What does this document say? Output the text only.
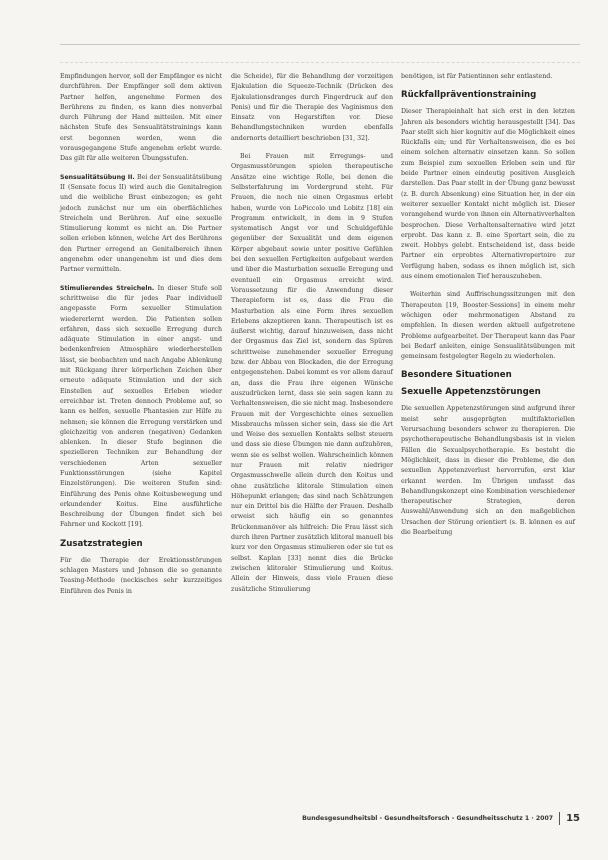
Empfindungen hervor, soll der Empfänger es nicht durchführen. Der Empfänger soll dem aktiven Partner helfen, angenehme Formen des Berührens zu finden, es kann dies nonverbal durch Führung der Hand mitteilen. Mit einer nächsten Stufe des Sensualitätstrainings kann erst begonnen werden, wenn die vorausgegangene Stufe angenehm erlebt wurde. Das gilt für alle weiteren Übungsstufen.

Sensualitätsübung II. Bei der Sensualitätsübung II (Sensate focus II) wird auch die Genitalregion und die weibliche Brust einbezogen; es geht jedoch zunächst nur um ein oberflächliches Streicheln und Berühren. Auf eine sexuelle Stimulierung kommt es nicht an. Die Partner sollen erleben können, welche Art des Berührens den Partner erregend an Genitalbereich ihnen angenehm oder unangenehm ist und dies dem Partner vermitteln.

Stimulierendes Streicheln. In dieser Stufe soll schrittweise die für jedes Paar individuell angepasste Form sexueller Stimulation wiedererlernt werden. Die Patienten sollen erfahren, dass sich sexuelle Erregung durch adäquate Stimulation in einer angst- und bedenkenfreien Atmosphäre wiederherstellen lässt, sie beobachten und nach Angabe Ablenkung mit Rückgang ihrer körperlichen Zeichen über erneute adäquate Stimulation und der sich Einstellen auf sexuelles Erleben wieder erreichbar ist. Treten dennoch Probleme auf, so kann es helfen, sexuelle Phantasien zur Hilfe zu nehmen; sie können die Erregung verstärken und gleichzeitig von anderen (negativen) Gedanken ablenken. In dieser Stufe beginnen die spezielleren Techniken zur Behandlung der verschiedenen Arten sexueller Funktionsstörungen (siehe Kapitel Einzelstörungen). Die weiteren Stufen sind: Einführung des Penis ohne Koitusbewegung und erkundender Koitus. Eine ausführliche Beschreibung der Übungen findet sich bei Fahrner und Kockott [19].

Zusatzstrategien

Für die Therapie der Erektionsstörungen schlagen Masters und Johnson die so genannte Teasing-Methode (neckisches sehr kurzzeitiges Einführen des Penis in

die Scheide), für die Behandlung der vorzeitigen Ejakulation die Squeeze-Technik (Drücken des Ejakulationsdranges durch Fingerdruck auf den Penis) und für die Therapie des Vaginismus den Einsatz von Hegarstiften vor. Diese Behandlungstechniken wurden ebenfalls andernorts detailliert beschrieben [31, 32].

Bei Frauen mit Erregungs- und Orgasmusstörungen spielen therapeutische Ansätze eine wichtige Rolle, bei denen die Selbsterfahrung im Vordergrund steht. Für Frauen, die noch nie einen Orgasmus erlebt haben, wurde von LoPiccolo und Lobitz [18] ein Programm entwickelt, in dem in 9 Stufen systematisch Angst vor und Schuldgefühle gegenüber der Sexualität und dem eigenen Körper abgebaut sowie unter positive Gefühlen bei den sexuellen Fertigkeiten aufgebaut werden und über die Masturbation sexuelle Erregung und eventuell ein Orgasmus erreicht wird. Voraussetzung für die Anwendung dieser Therapieform ist es, dass die Frau die Masturbation als eine Form ihres sexuellen Erlebens akzeptieren kann. Therapeutisch ist es äußerst wichtig, darauf hinzuweisen, dass nicht der Orgasmus das Ziel ist, sondern das Spüren schrittweise zunehmender sexueller Erregung bzw. der Abbau von Blockaden, die der Erregung entgegenstehen. Dabei kommt es vor allem darauf an, dass die Frau ihre eigenen Wünsche auszudrücken lernt, dass sie sein sagen kann zu Verhaltensweisen, die sie nicht mag. Insbesondere Frauen mit der Vorgeschichte eines sexuellen Missbrauchs müssen sicher sein, dass sie die Art und Weise des sexuellen Kontakts selbst steuern und dass sie diese Übungen nie dann aufzuhören, wenn sie es selbst wollen. Wahrscheinlich können nur Frauen mit relativ niedriger Orgasmusschwelle allein durch den Koitus und ohne zusätzliche klitorale Stimulation einen Höhepunkt erlangen; das sind nach Schätzungen nur ein Drittel bis die Hälfte der Frauen. Deshalb erweist sich häufig ein so genanntes Brückenmanöver als hilfreich: Die Frau lässt sich durch ihren Partner zusätzlich klitoral manuell bis kurz vor den Orgasmus stimulieren oder sie tut es selbst. Kaplan [33] nennt dies die Brücke zwischen klitoraler Stimulierung und Koitus. Allein der Hinweis, dass viele Frauen diese zusätzliche Stimulierung

benötigen, ist für Patientinnen sehr entlastend.

Rückfallpräventionstraining

Dieser Therapieinhalt hat sich erst in den letzten Jahren als besonders wichtig herausgestellt [34]. Das Paar stellt sich hier kognitiv auf die Möglichkeit eines Rückfalls ein; und für Verhaltensweisen, die es bei einem solchen alternativ einsetzen kann. So sollen zum Beispiel zum sexuellen Erleben sein und für beide Partner einen eindeutig positiven Ausgleich darstellen. Das Paar stellt in der Übung ganz bewusst (z. B. durch Absenkung) eine Situation her, in der ein weiterer sexueller Kontakt nicht möglich ist. Dieser vorangehend wurde von ihnen ein Alternativverhalten besprochen. Diese Verhaltensalternative wird jetzt erprobt. Das kann z. B. eine Sportart sein, die zu zweit. Hobbys gelebt. Entscheidend ist, dass beide Partner ein erprobtes Alternativrepertoire zur Verfügung haben, sodass es ihnen möglich ist, sich aus einem emotionalen Tief herauszuheben.

Weiterhin sind Auffrischungssitzungen mit den Therapeuten [19, Booster-Sessions] in einem mehr wöchigen oder mehrmonatigen Abstand zu empfehlen. In diesen werden aktuell aufgetretene Probleme aufgearbeitet. Der Therapeut kann das Paar bei Bedarf anleiten, einige Sensualitätsübungen mit gemeinsam festgelegter Regeln zu wiederholen.

Besondere Situationen
Sexuelle Appetenzstörungen

Die sexuellen Appetenzstörungen sind aufgrund ihrer meist sehr ausgeprägten multifaktoriellen Verursachung besonders schwer zu therapieren. Die psychotherapeutische Behandlungsbasis ist in vielen Fällen die Sexualpsychotherapie. Es besteht die Möglichkeit, dass in dieser die Probleme, die den sexuellen Appetenzverlust hervorrufen, erst klar erkannt werden. Im Übrigen umfasst das Behandlungskonzept eine Kombination verschiedener therapeutischer Strategien, deren Auswahl/Anwendung sich an den maßgeblichen Ursachen der Störung orientiert (s. B. können es auf die Bearbeitung

Bundesgesundheitsbl - Gesundheitsforsch - Gesundheitsschutz 1 · 2007 15
